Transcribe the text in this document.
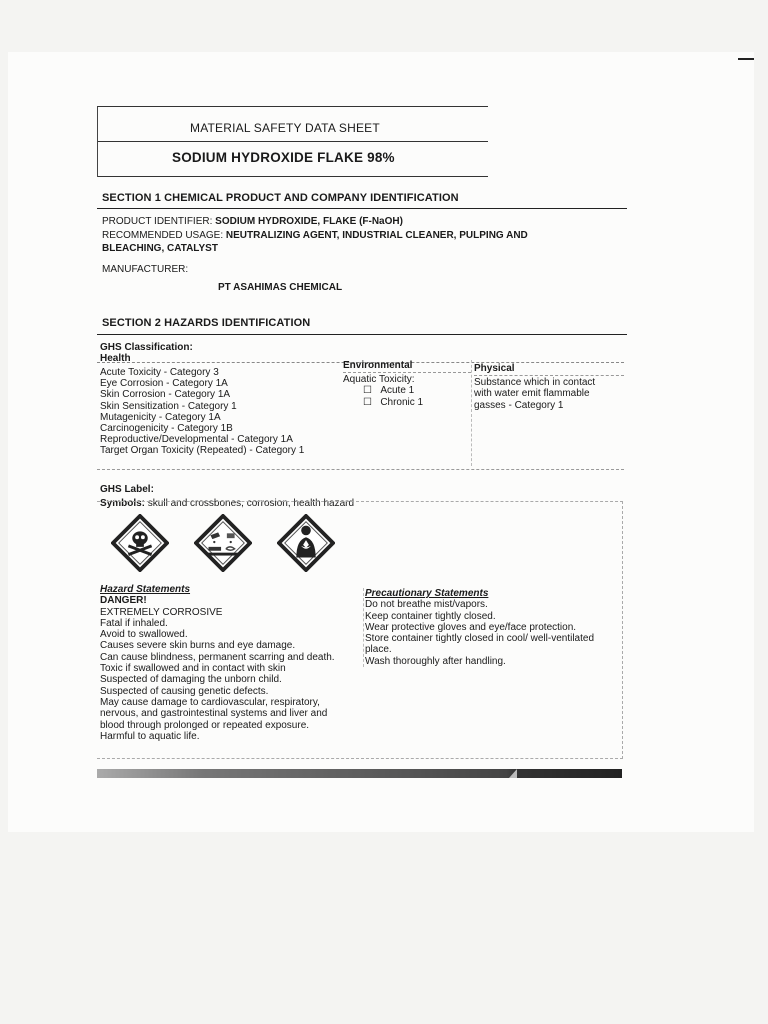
MATERIAL SAFETY DATA SHEET
SODIUM HYDROXIDE FLAKE 98%
SECTION 1 CHEMICAL PRODUCT AND COMPANY IDENTIFICATION
PRODUCT IDENTIFIER: SODIUM HYDROXIDE, FLAKE (F-NaOH)
RECOMMENDED USAGE: NEUTRALIZING AGENT, INDUSTRIAL CLEANER, PULPING AND
BLEACHING, CATALYST
MANUFACTURER:
PT ASAHIMAS CHEMICAL
SECTION 2 HAZARDS IDENTIFICATION
GHS Classification:
Health
Acute Toxicity - Category 3
Eye Corrosion - Category 1A
Skin Corrosion - Category 1A
Skin Sensitization - Category 1
Mutagenicity - Category 1A
Carcinogenicity - Category 1B
Reproductive/Developmental - Category 1A
Target Organ Toxicity (Repeated) - Category 1
Environmental
Aquatic Toxicity:
☐ Acute 1
☐ Chronic 1
Physical
Substance which in contact
with water emit flammable
gasses - Category 1
GHS Label:
Symbols: skull and crossbones, corrosion, health hazard
Hazard Statements
DANGER!
EXTREMELY CORROSIVE
Fatal if inhaled.
Avoid to swallowed.
Causes severe skin burns and eye damage.
Can cause blindness, permanent scarring and death.
Toxic if swallowed and in contact with skin
Suspected of damaging the unborn child.
Suspected of causing genetic defects.
May cause damage to cardiovascular, respiratory,
nervous, and gastrointestinal systems and liver and
blood through prolonged or repeated exposure.
Harmful to aquatic life.
Precautionary Statements
Do not breathe mist/vapors.
Keep container tightly closed.
Wear protective gloves and eye/face protection.
Store container tightly closed in cool/ well-ventilated
place.
Wash thoroughly after handling.
